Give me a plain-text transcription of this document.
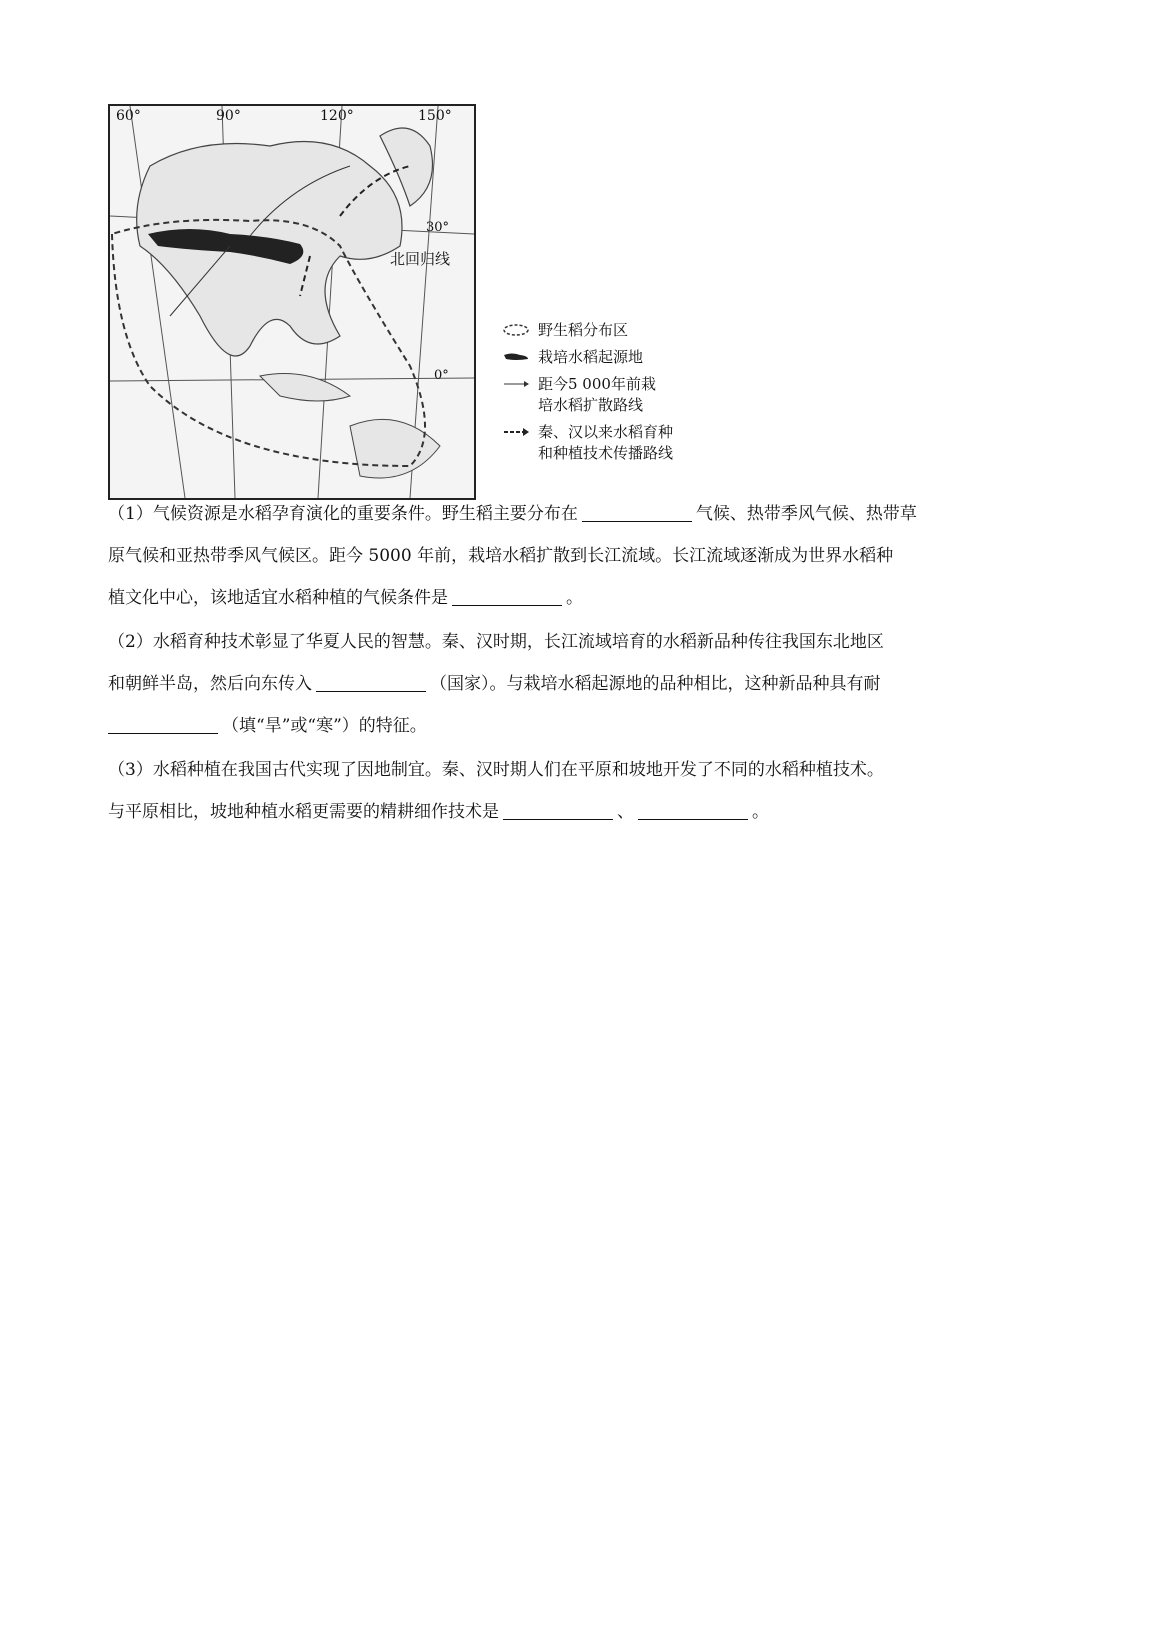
60°	90°	120°	150°
30°
0°
北回归线
野生稻分布区
栽培水稻起源地
距今5 000年前栽
培水稻扩散路线
秦、汉以来水稻育种
和种植技术传播路线
（1）气候资源是水稻孕育演化的重要条件。野生稻主要分布在	气候、热带季风气候、热带草
原气候和亚热带季风气候区。距今 5000 年前，栽培水稻扩散到长江流域。长江流域逐渐成为世界水稻种
植文化中心，该地适宜水稻种植的气候条件是	。
（2）水稻育种技术彰显了华夏人民的智慧。秦、汉时期，长江流域培育的水稻新品种传往我国东北地区
和朝鲜半岛，然后向东传入	（国家）。与栽培水稻起源地的品种相比，这种新品种具有耐
（填“旱”或“寒”）的特征。
（3）水稻种植在我国古代实现了因地制宜。秦、汉时期人们在平原和坡地开发了不同的水稻种植技术。
与平原相比，坡地种植水稻更需要的精耕细作技术是	、	。
